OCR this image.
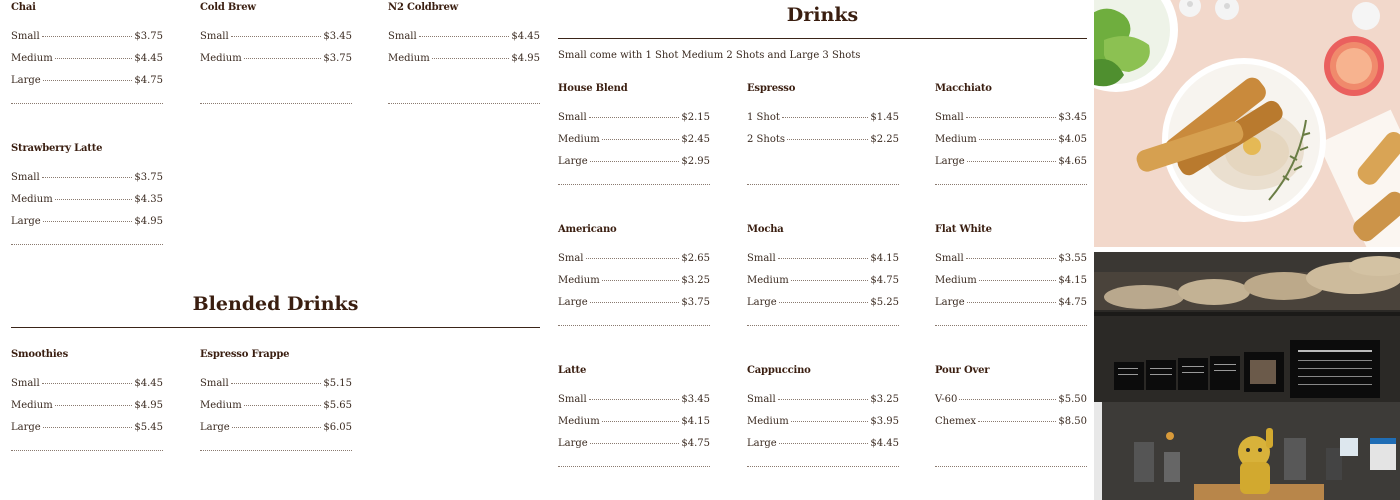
Chai
Small	$3.75
Medium	$4.45
Large	$4.75
Cold Brew
Small	$3.45
Medium	$3.75
N2 Coldbrew
Small	$4.45
Medium	$4.95
Strawberry Latte
Small	$3.75
Medium	$4.35
Large	$4.95
Blended Drinks
Smoothies
Small	$4.45
Medium	$4.95
Large	$5.45
Espresso Frappe
Small	$5.15
Medium	$5.65
Large	$6.05
Drinks
Small come with 1 Shot Medium 2 Shots and Large 3 Shots
House Blend
Small	$2.15
Medium	$2.45
Large	$2.95
Espresso
1 Shot	$1.45
2 Shots	$2.25
Macchiato
Small	$3.45
Medium	$4.05
Large	$4.65
Americano
Smal	$2.65
Medium	$3.25
Large	$3.75
Mocha
Small	$4.15
Medium	$4.75
Large	$5.25
Flat White
Small	$3.55
Medium	$4.15
Large	$4.75
Latte
Small	$3.45
Medium	$4.15
Large	$4.75
Cappuccino
Small	$3.25
Medium	$3.95
Large	$4.45
Pour Over
V-60	$5.50
Chemex	$8.50
